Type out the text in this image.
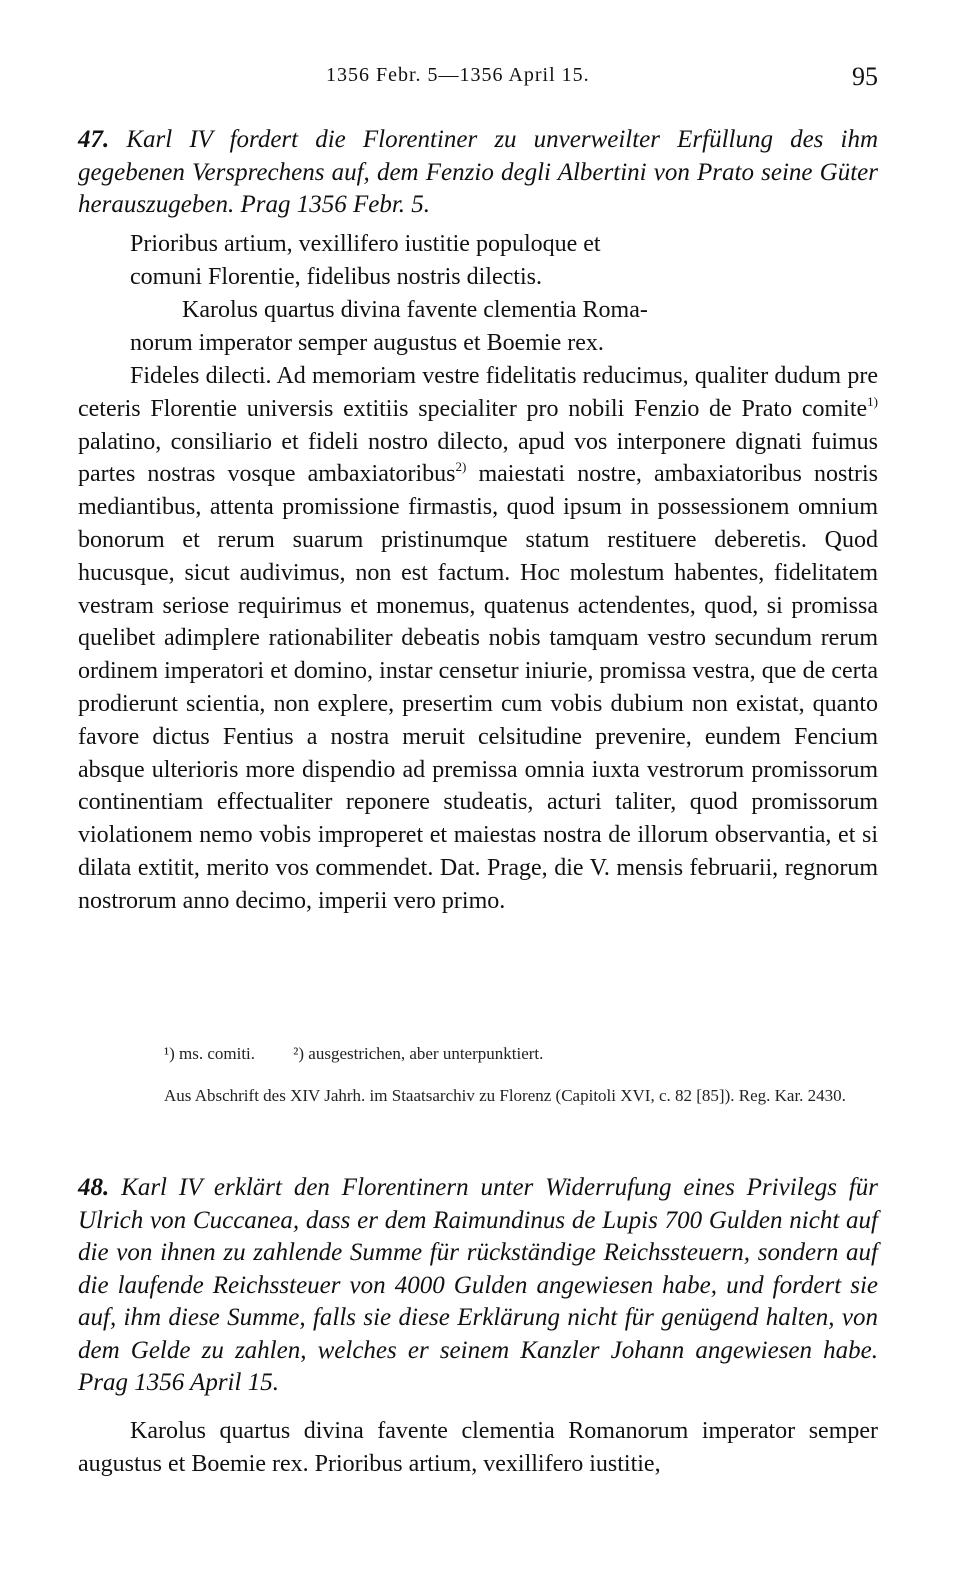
1356 Febr. 5—1356 April 15.	95

47. Karl IV fordert die Florentiner zu unverweilter Erfüllung des ihm gegebenen Versprechens auf, dem Fenzio degli Albertini von Prato seine Güter herauszugeben. Prag 1356 Febr. 5.

Prioribus artium, vexillifero iustitie populoque et
comuni Florentie, fidelibus nostris dilectis.

Karolus quartus divina favente clementia Roma-

norum imperator semper augustus et Boemie rex.

Fideles dilecti. Ad memoriam vestre fidelitatis reducimus, qualiter dudum pre ceteris Florentie universis extitiis specialiter pro nobili Fenzio de Prato comite$^{1)}$ palatino, consiliario et fideli nostro dilecto, apud vos interponere dignati fuimus partes nostras vosque ambaxiatoribus$^{2)}$ maiestati nostre, ambaxiatoribus nostris mediantibus, attenta promissione firmastis, quod ipsum in possessionem omnium bonorum et rerum suarum pristinumque statum restituere deberetis. Quod hucusque, sicut audivimus, non est factum. Hoc molestum habentes, fidelitatem vestram seriose requirimus et monemus, quatenus actendentes, quod, si promissa quelibet adimplere rationabiliter debeatis nobis tamquam vestro secundum rerum ordinem imperatori et domino, instar censetur iniurie, promissa vestra, que de certa prodierunt scientia, non explere, presertim cum vobis dubium non existat, quanto favore dictus Fentius a nostra meruit celsitudine prevenire, eundem Fencium absque ulterioris more dispendio ad premissa omnia iuxta vestrorum promissorum continentiam effectualiter reponere studeatis, acturi taliter, quod promissorum violationem nemo vobis improperet et maiestas nostra de illorum observantia, et si dilata extitit, merito vos commendet. Dat. Prage, die V. mensis februarii, regnorum nostrorum anno decimo, imperii vero primo.

¹) ms. comiti. ²) ausgestrichen, aber unterpunktiert.

Aus Abschrift des XIV Jahrh. im Staatsarchiv zu Florenz (Capitoli XVI, c. 82 [85]). Reg. Kar. 2430.

48. Karl IV erklärt den Florentinern unter Widerrufung eines Privilegs für Ulrich von Cuccanea, dass er dem Raimundinus de Lupis 700 Gulden nicht auf die von ihnen zu zahlende Summe für rückständige Reichssteuern, sondern auf die laufende Reichssteuer von 4000 Gulden angewiesen habe, und fordert sie auf, ihm diese Summe, falls sie diese Erklärung nicht für genügend halten, von dem Gelde zu zahlen, welches er seinem Kanzler Johann angewiesen habe. Prag 1356 April 15.

Karolus quartus divina favente clementia Romanorum imperator semper augustus et Boemie rex. Prioribus artium, vexillifero iustitie,
